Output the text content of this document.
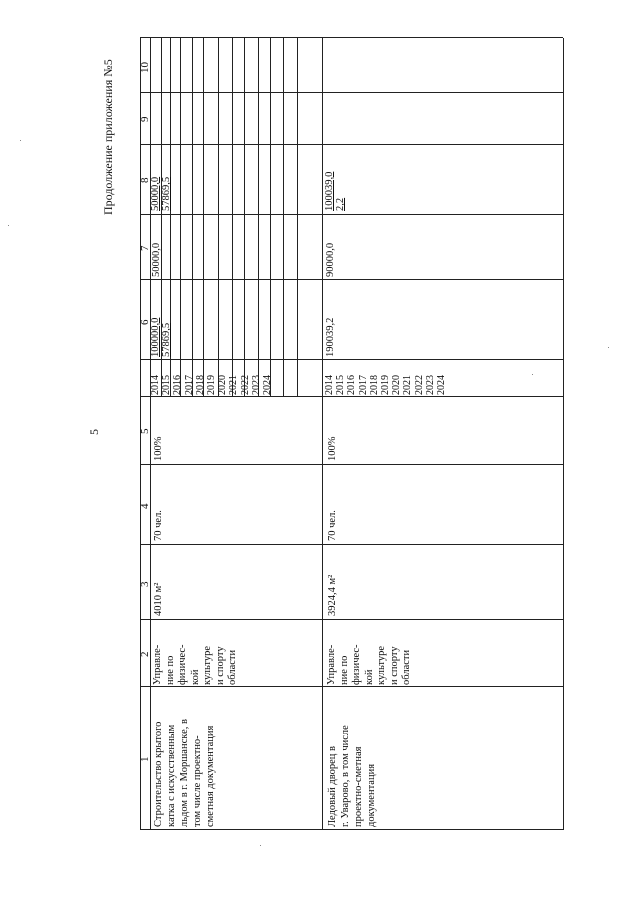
5
Продолжение приложения №5
1
2
3
4
5
6
7
8
9
10
Строительство крытого катка с искусственным льдом в г. Моршанске, в том числе проектно- сметная документация
Управле- ние по физичес- кой культуре и спорту области
4010 м²
70 чел.
100%
2014 2015 2016 2017 2018 2019 2020 2021 2022 2023 2024
100000,0 57869,5
50000,0
50000,0 57869,5
Ледовый дворец в г. Уварово, в том числе проектно-сметная документация
Управле- ние по физичес- кой культуре и спорту области
3924,4 м²
70 чел.
100%
2014 2015 2016 2017 2018 2019 2020 2021 2022 2023 2024
190039,2
90000,0
100039,0 2,2
